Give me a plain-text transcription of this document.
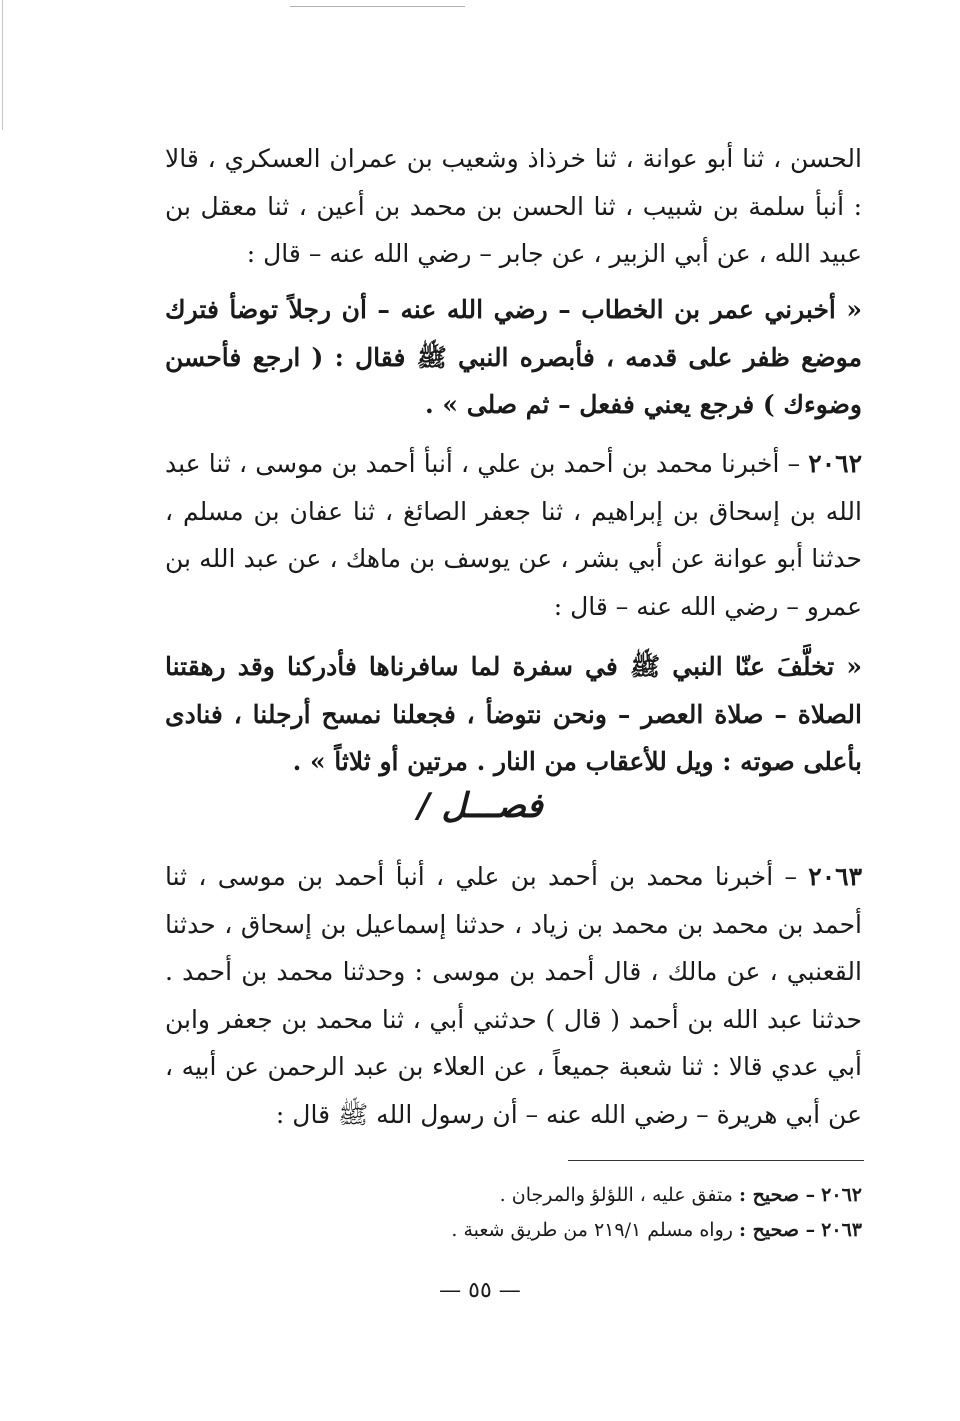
الحسن ، ثنا أبو عوانة ، ثنا خرذاذ وشعيب بن عمران العسكري ، قالا : أنبأ سلمة بن شبيب ، ثنا الحسن بن محمد بن أعين ، ثنا معقل بن عبيد الله ، عن أبي الزبير ، عن جابر – رضي الله عنه – قال :
« أخبرني عمر بن الخطاب – رضي الله عنه – أن رجلاً توضأ فترك موضع ظفر على قدمه ، فأبصره النبي ﷺ فقال : ( ارجع فأحسن وضوءك ) فرجع يعني ففعل – ثم صلى » .
٢٠٦٢ – أخبرنا محمد بن أحمد بن علي ، أنبأ أحمد بن موسى ، ثنا عبد الله بن إسحاق بن إبراهيم ، ثنا جعفر الصائغ ، ثنا عفان بن مسلم ، حدثنا أبو عوانة عن أبي بشر ، عن يوسف بن ماهك ، عن عبد الله بن عمرو – رضي الله عنه – قال :
« تخلَّفَ عنّا النبي ﷺ في سفرة لما سافرناها فأدركنا وقد رهقتنا الصلاة – صلاة العصر – ونحن نتوضأ ، فجعلنا نمسح أرجلنا ، فنادى بأعلى صوته : ويل للأعقاب من النار . مرتين أو ثلاثاً » .
فصـــل /
٢٠٦٣ – أخبرنا محمد بن أحمد بن علي ، أنبأ أحمد بن موسى ، ثنا أحمد بن محمد بن محمد بن زياد ، حدثنا إسماعيل بن إسحاق ، حدثنا القعنبي ، عن مالك ، قال أحمد بن موسى : وحدثنا محمد بن أحمد . حدثنا عبد الله بن أحمد ( قال ) حدثني أبي ، ثنا محمد بن جعفر وابن أبي عدي قالا : ثنا شعبة جميعاً ، عن العلاء بن عبد الرحمن عن أبيه ، عن أبي هريرة – رضي الله عنه – أن رسول الله ﷺ قال :
٢٠٦٢ – صحيح : متفق عليه ، اللؤلؤ والمرجان .
٢٠٦٣ – صحيح : رواه مسلم ٢١٩/١ من طريق شعبة .
— ٥٥ —
